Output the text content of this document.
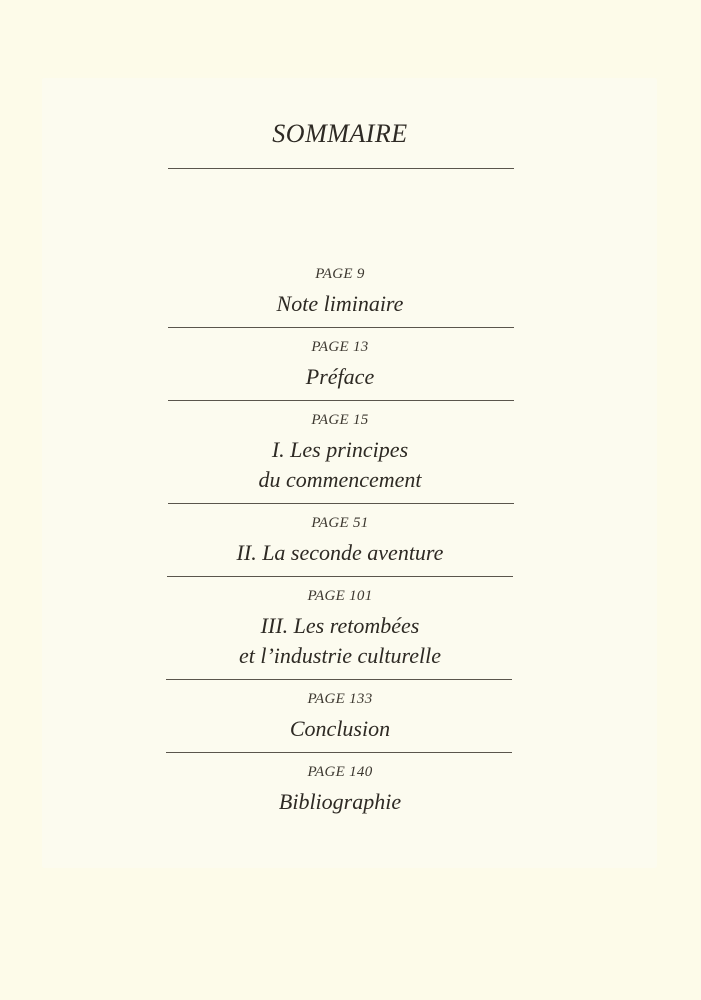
SOMMAIRE
PAGE 9
Note liminaire
PAGE 13
Préface
PAGE 15
I. Les principes
du commencement
PAGE 51
II. La seconde aventure
PAGE 101
III. Les retombées
et l’industrie culturelle
PAGE 133
Conclusion
PAGE 140
Bibliographie
